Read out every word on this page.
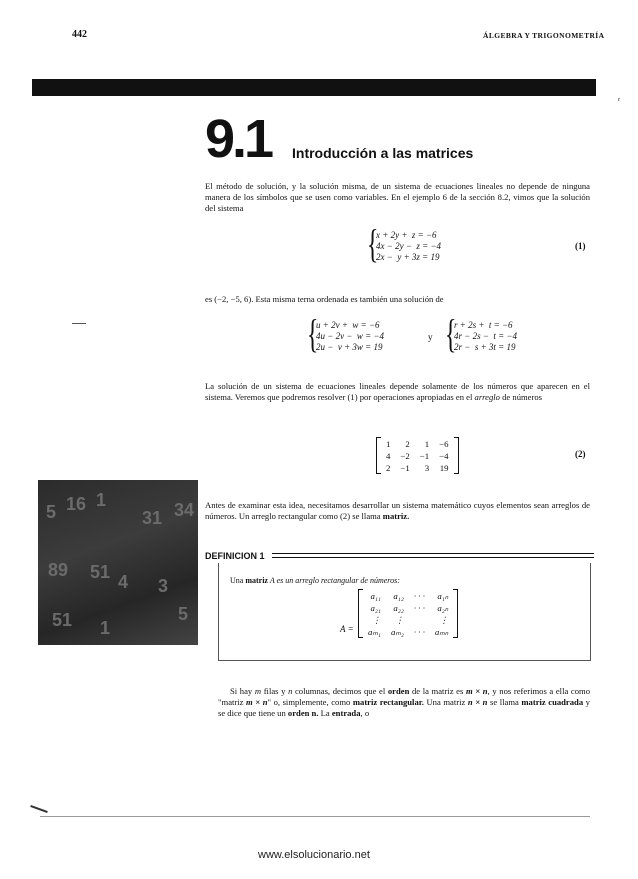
442	ÁLGEBRA Y TRIGONOMETRÍA
ᵣ
9.1 Introducción a las matrices
El método de solución, y la solución misma, de un sistema de ecuaciones lineales no depende de ninguna manera de los símbolos que se usen como variables. En el ejemplo 6 de la sección 8.2, vimos que la solución del sistema
{
x + 2y +  z = −6
4x − 2y −  z = −4
2x −  y + 3z = 19
(1)
es (−2, −5, 6). Esta misma terna ordenada es también una solución de
{
u + 2v +  w = −6
4u − 2v −  w = −4
2u −  v + 3w = 19
y {
r + 2s +  t = −6
4r − 2s −  t = −4
2r −  s + 3t = 19
La solución de un sistema de ecuaciones lineales depende solamente de los números que aparecen en el sistema. Veremos que podremos resolver (1) por operaciones apropiadas en el arreglo de números
	1	2	1	−6	
	4	−2	−1	−4	
	2	−1	3	19	
(2)
5 16 1
31 34
89 51 4 3
51 1
5
Antes de examinar esta idea, necesitamos desarrollar un sistema matemático cuyos elementos sean arreglos de números. Un arreglo rectangular como (2) se llama matriz.
DEFINICION 1
Una matriz A es un arreglo rectangular de números:
A =
	a₁₁	a₁₂	· · ·	a₁ₙ	
	a₂₁	a₂₂	· · ·	a₂ₙ	
	⋮	⋮		⋮	
	aₘ₁	aₘ₂	· · ·	aₘₙ	
Si hay m filas y n columnas, decimos que el orden de la matriz es m × n, y nos referimos a ella como "matriz m × n" o, simplemente, como matriz rectangular. Una matriz n × n se llama matriz cuadrada y se dice que tiene un orden n. La entrada, o
www.elsolucionario.net
